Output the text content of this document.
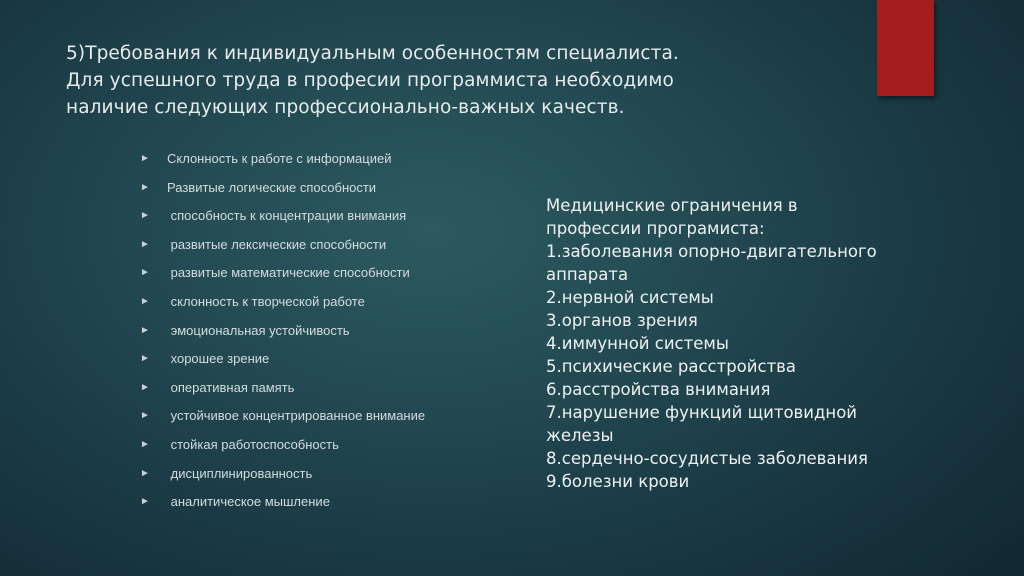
5)Требования к индивидуальным особенностям специалиста.
Для успешного труда в професии программиста необходимо
наличие следующих профессионально-важных качеств.
► Склонность к работе с информацией
► Развитые логические способности
► способность к концентрации внимания
► развитые лексические способности
► развитые математические способности
► склонность к творческой работе
► эмоциональная устойчивость
► хорошее зрение
► оперативная память
► устойчивое концентрированное внимание
► стойкая работоспособность
► дисциплинированность
► аналитическое мышление
Медицинские ограничения в
профессии програмиста:
1.заболевания опорно-двигательного
аппарата
2.нервной системы
3.органов зрения
4.иммунной системы
5.психические расстройства
6.расстройства внимания
7.нарушение функций щитовидной
железы
8.сердечно-сосудистые заболевания
9.болезни крови
